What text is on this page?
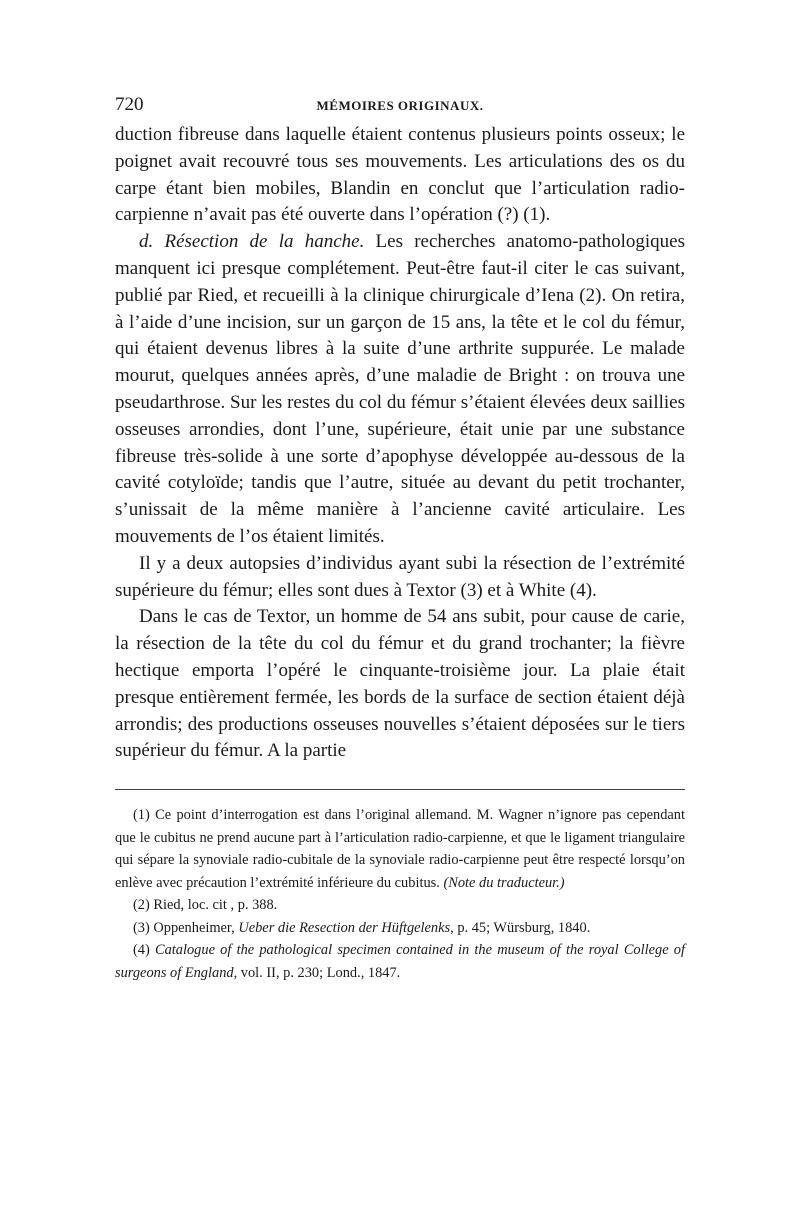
720	MÉMOIRES ORIGINAUX.

duction fibreuse dans laquelle étaient contenus plusieurs points osseux; le poignet avait recouvré tous ses mouvements. Les articulations des os du carpe étant bien mobiles, Blandin en conclut que l’articulation radio-carpienne n’avait pas été ouverte dans l’opération (?) (1).

d. Résection de la hanche. Les recherches anatomo-pathologiques manquent ici presque complétement. Peut-être faut-il citer le cas suivant, publié par Ried, et recueilli à la clinique chirurgicale d’Iena (2). On retira, à l’aide d’une incision, sur un garçon de 15 ans, la tête et le col du fémur, qui étaient devenus libres à la suite d’une arthrite suppurée. Le malade mourut, quelques années après, d’une maladie de Bright : on trouva une pseudarthrose. Sur les restes du col du fémur s’étaient élevées deux saillies osseuses arrondies, dont l’une, supérieure, était unie par une substance fibreuse très-solide à une sorte d’apophyse développée au-dessous de la cavité cotyloïde; tandis que l’autre, située au devant du petit trochanter, s’unissait de la même manière à l’ancienne cavité articulaire. Les mouvements de l’os étaient limités.

Il y a deux autopsies d’individus ayant subi la résection de l’extrémité supérieure du fémur; elles sont dues à Textor (3) et à White (4).

Dans le cas de Textor, un homme de 54 ans subit, pour cause de carie, la résection de la tête du col du fémur et du grand trochanter; la fièvre hectique emporta l’opéré le cinquante-troisième jour. La plaie était presque entièrement fermée, les bords de la surface de section étaient déjà arrondis; des productions osseuses nouvelles s’étaient déposées sur le tiers supérieur du fémur. A la partie

(1) Ce point d’interrogation est dans l’original allemand. M. Wagner n’ignore pas cependant que le cubitus ne prend aucune part à l’articulation radio-carpienne, et que le ligament triangulaire qui sépare la synoviale radio-cubitale de la synoviale radio-carpienne peut être respecté lorsqu’on enlève avec précaution l’extrémité inférieure du cubitus. (Note du traducteur.)

(2) Ried, loc. cit , p. 388.

(3) Oppenheimer, Ueber die Resection der Hüftgelenks, p. 45; Würsburg, 1840.

(4) Catalogue of the pathological specimen contained in the museum of the royal College of surgeons of England, vol. II, p. 230; Lond., 1847.
